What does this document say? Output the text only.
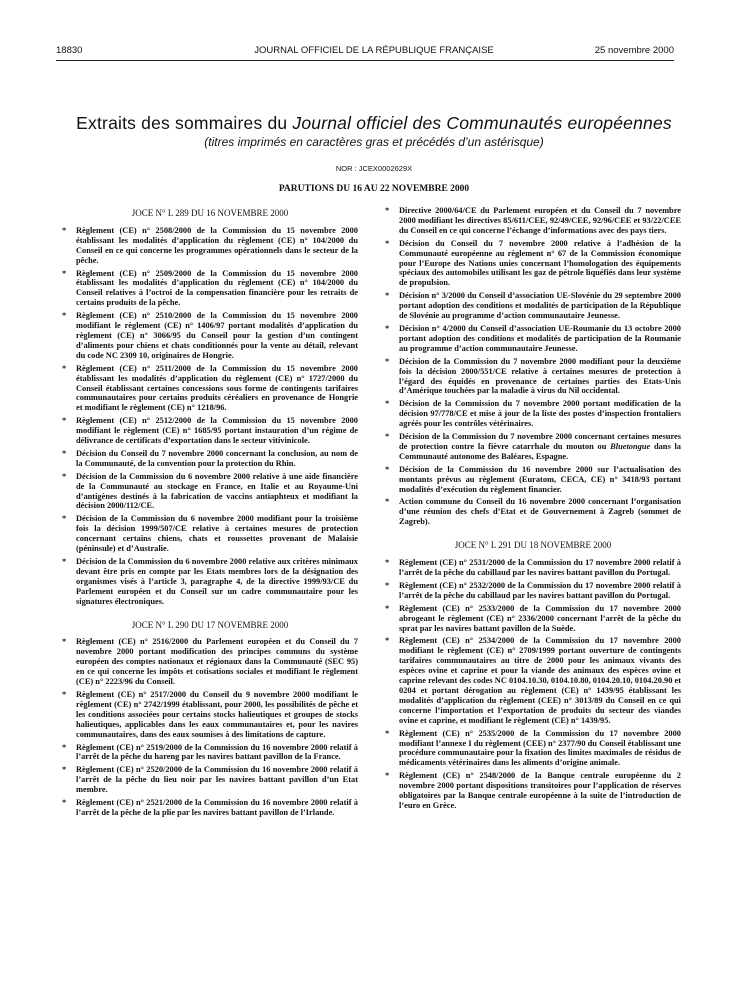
18830	JOURNAL OFFICIEL DE LA RÉPUBLIQUE FRANÇAISE	25 novembre 2000
Extraits des sommaires du Journal officiel des Communautés européennes
(titres imprimés en caractères gras et précédés d’un astérisque)
NOR : JCEX0002629X
PARUTIONS DU 16 AU 22 NOVEMBRE 2000
JOCE N° L 289 DU 16 NOVEMBRE 2000
* Règlement (CE) n° 2508/2000 de la Commission du 15 novembre 2000 établissant les modalités d’application du règlement (CE) n° 104/2000 du Conseil en ce qui concerne les programmes opérationnels dans le secteur de la pêche.
* Règlement (CE) n° 2509/2000 de la Commission du 15 novembre 2000 établissant les modalités d’application du règlement (CE) n° 104/2000 du Conseil relatives à l’octroi de la compensation financière pour les retraits de certains produits de la pêche.
* Règlement (CE) n° 2510/2000 de la Commission du 15 novembre 2000 modifiant le règlement (CE) n° 1406/97 portant modalités d’application du règlement (CE) n° 3066/95 du Conseil pour la gestion d’un contingent d’aliments pour chiens et chats conditionnés pour la vente au détail, relevant du code NC 2309 10, originaires de Hongrie.
* Règlement (CE) n° 2511/2000 de la Commission du 15 novembre 2000 établissant les modalités d’application du règlement (CE) n° 1727/2000 du Conseil établissant certaines concessions sous forme de contingents tarifaires communautaires pour certains produits céréaliers en provenance de Hongrie et modifiant le règlement (CE) n° 1218/96.
* Règlement (CE) n° 2512/2000 de la Commission du 15 novembre 2000 modifiant le règlement (CE) n° 1685/95 portant instauration d’un régime de délivrance de certificats d’exportation dans le secteur vitivinicole.
* Décision du Conseil du 7 novembre 2000 concernant la conclusion, au nom de la Communauté, de la convention pour la protection du Rhin.
* Décision de la Commission du 6 novembre 2000 relative à une aide financière de la Communauté au stockage en France, en Italie et au Royaume-Uni d’antigènes destinés à la fabrication de vaccins antiaphteux et modifiant la décision 2000/112/CE.
* Décision de la Commission du 6 novembre 2000 modifiant pour la troisième fois la décision 1999/507/CE relative à certaines mesures de protection concernant certains chiens, chats et roussettes provenant de Malaisie (péninsule) et d’Australie.
* Décision de la Commission du 6 novembre 2000 relative aux critères minimaux devant être pris en compte par les Etats membres lors de la désignation des organismes visés à l’article 3, paragraphe 4, de la directive 1999/93/CE du Parlement européen et du Conseil sur un cadre communautaire pour les signatures électroniques.
JOCE N° L 290 DU 17 NOVEMBRE 2000
* Règlement (CE) n° 2516/2000 du Parlement européen et du Conseil du 7 novembre 2000 portant modification des principes communs du système européen des comptes nationaux et régionaux dans la Communauté (SEC 95) en ce qui concerne les impôts et cotisations sociales et modifiant le règlement (CE) n° 2223/96 du Conseil.
* Règlement (CE) n° 2517/2000 du Conseil du 9 novembre 2000 modifiant le règlement (CE) n° 2742/1999 établissant, pour 2000, les possibilités de pêche et les conditions associées pour certains stocks halieutiques et groupes de stocks halieutiques, applicables dans les eaux communautaires et, pour les navires communautaires, dans des eaux soumises à des limitations de capture.
* Règlement (CE) n° 2519/2000 de la Commission du 16 novembre 2000 relatif à l’arrêt de la pêche du hareng par les navires battant pavillon de la France.
* Règlement (CE) n° 2520/2000 de la Commission du 16 novembre 2000 relatif à l’arrêt de la pêche du lieu noir par les navires battant pavillon d’un Etat membre.
* Règlement (CE) n° 2521/2000 de la Commission du 16 novembre 2000 relatif à l’arrêt de la pêche de la plie par les navires battant pavillon de l’Irlande.
* Directive 2000/64/CE du Parlement européen et du Conseil du 7 novembre 2000 modifiant les directives 85/611/CEE, 92/49/CEE, 92/96/CEE et 93/22/CEE du Conseil en ce qui concerne l’échange d’informations avec des pays tiers.
* Décision du Conseil du 7 novembre 2000 relative à l’adhésion de la Communauté européenne au règlement n° 67 de la Commission économique pour l’Europe des Nations unies concernant l’homologation des équipements spéciaux des automobiles utilisant les gaz de pétrole liquéfiés dans leur système de propulsion.
* Décision n° 3/2000 du Conseil d’association UE-Slovénie du 29 septembre 2000 portant adoption des conditions et modalités de participation de la République de Slovénie au programme d’action communautaire Jeunesse.
* Décision n° 4/2000 du Conseil d’association UE-Roumanie du 13 octobre 2000 portant adoption des conditions et modalités de participation de la Roumanie au programme d’action communautaire Jeunesse.
* Décision de la Commission du 7 novembre 2000 modifiant pour la deuxième fois la décision 2000/551/CE relative à certaines mesures de protection à l’égard des équidés en provenance de certaines parties des Etats-Unis d’Amérique touchées par la maladie à virus du Nil occidental.
* Décision de la Commission du 7 novembre 2000 portant modification de la décision 97/778/CE et mise à jour de la liste des postes d’inspection frontaliers agréés pour les contrôles vétérinaires.
* Décision de la Commission du 7 novembre 2000 concernant certaines mesures de protection contre la fièvre catarrhale du mouton ou Bluetongue dans la Communauté autonome des Baléares, Espagne.
* Décision de la Commission du 16 novembre 2000 sur l’actualisation des montants prévus au règlement (Euratom, CECA, CE) n° 3418/93 portant modalités d’exécution du règlement financier.
* Action commune du Conseil du 16 novembre 2000 concernant l’organisation d’une réunion des chefs d’Etat et de Gouvernement à Zagreb (sommet de Zagreb).
JOCE N° L 291 DU 18 NOVEMBRE 2000
* Règlement (CE) n° 2531/2000 de la Commission du 17 novembre 2000 relatif à l’arrêt de la pêche du cabillaud par les navires battant pavillon du Portugal.
* Règlement (CE) n° 2532/2000 de la Commission du 17 novembre 2000 relatif à l’arrêt de la pêche du cabillaud par les navires battant pavillon du Portugal.
* Règlement (CE) n° 2533/2000 de la Commission du 17 novembre 2000 abrogeant le règlement (CE) n° 2336/2000 concernant l’arrêt de la pêche du sprat par les navires battant pavillon de la Suède.
* Règlement (CE) n° 2534/2000 de la Commission du 17 novembre 2000 modifiant le règlement (CE) n° 2709/1999 portant ouverture de contingents tarifaires communautaires au titre de 2000 pour les animaux vivants des espèces ovine et caprine et pour la viande des animaux des espèces ovine et caprine relevant des codes NC 0104.10.30, 0104.10.80, 0104.20.10, 0104.20.90 et 0204 et portant dérogation au règlement (CE) n° 1439/95 établissant les modalités d’application du règlement (CEE) n° 3013/89 du Conseil en ce qui concerne l’importation et l’exportation de produits du secteur des viandes ovine et caprine, et modifiant le règlement (CE) n° 1439/95.
* Règlement (CE) n° 2535/2000 de la Commission du 17 novembre 2000 modifiant l’annexe I du règlement (CEE) n° 2377/90 du Conseil établissant une procédure communautaire pour la fixation des limites maximales de résidus de médicaments vétérinaires dans les aliments d’origine animale.
* Règlement (CE) n° 2548/2000 de la Banque centrale européenne du 2 novembre 2000 portant dispositions transitoires pour l’application de réserves obligatoires par la Banque centrale européenne à la suite de l’introduction de l’euro en Grèce.
